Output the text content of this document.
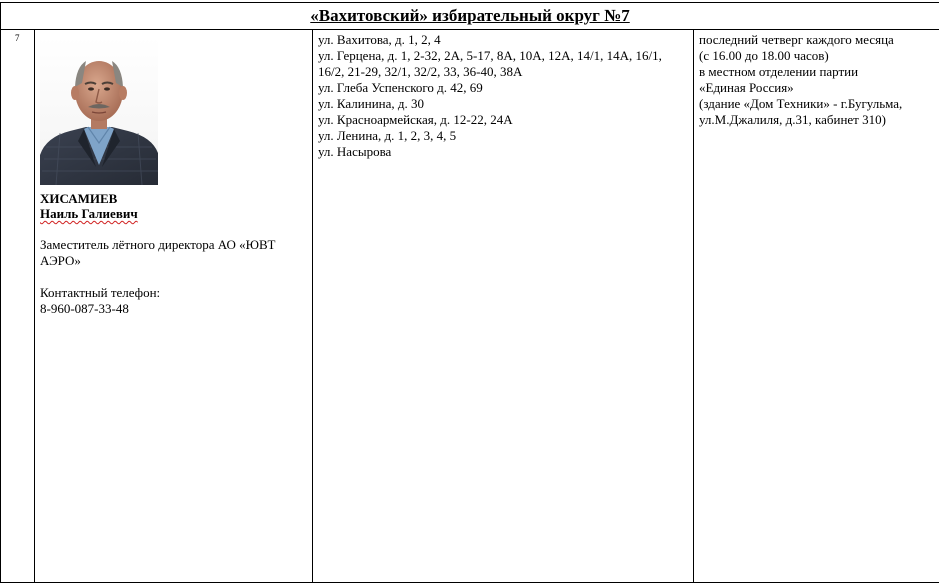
«Вахитовский» избирательный округ №7
7	
ХИСАМИЕВ
Наиль Галиевич
Заместитель лётного директора АО «ЮВТ АЭРО»
Контактный телефон:
8-960-087-33-48

ул. Вахитова, д. 1, 2, 4
ул. Герцена, д. 1, 2-32, 2А, 5-17, 8А, 10А, 12А, 14/1, 14А, 16/1, 16/2, 21-29, 32/1, 32/2, 33, 36-40, 38А
ул. Глеба Успенского д. 42, 69
ул. Калинина, д. 30
ул. Красноармейская, д. 12-22, 24А
ул. Ленина, д. 1, 2, 3, 4, 5
ул. Насырова

последний четверг каждого месяца
(с 16.00 до 18.00 часов)
в местном отделении партии
«Единая Россия»
(здание «Дом Техники» - г.Бугульма, ул.М.Джалиля, д.31, кабинет 310)
